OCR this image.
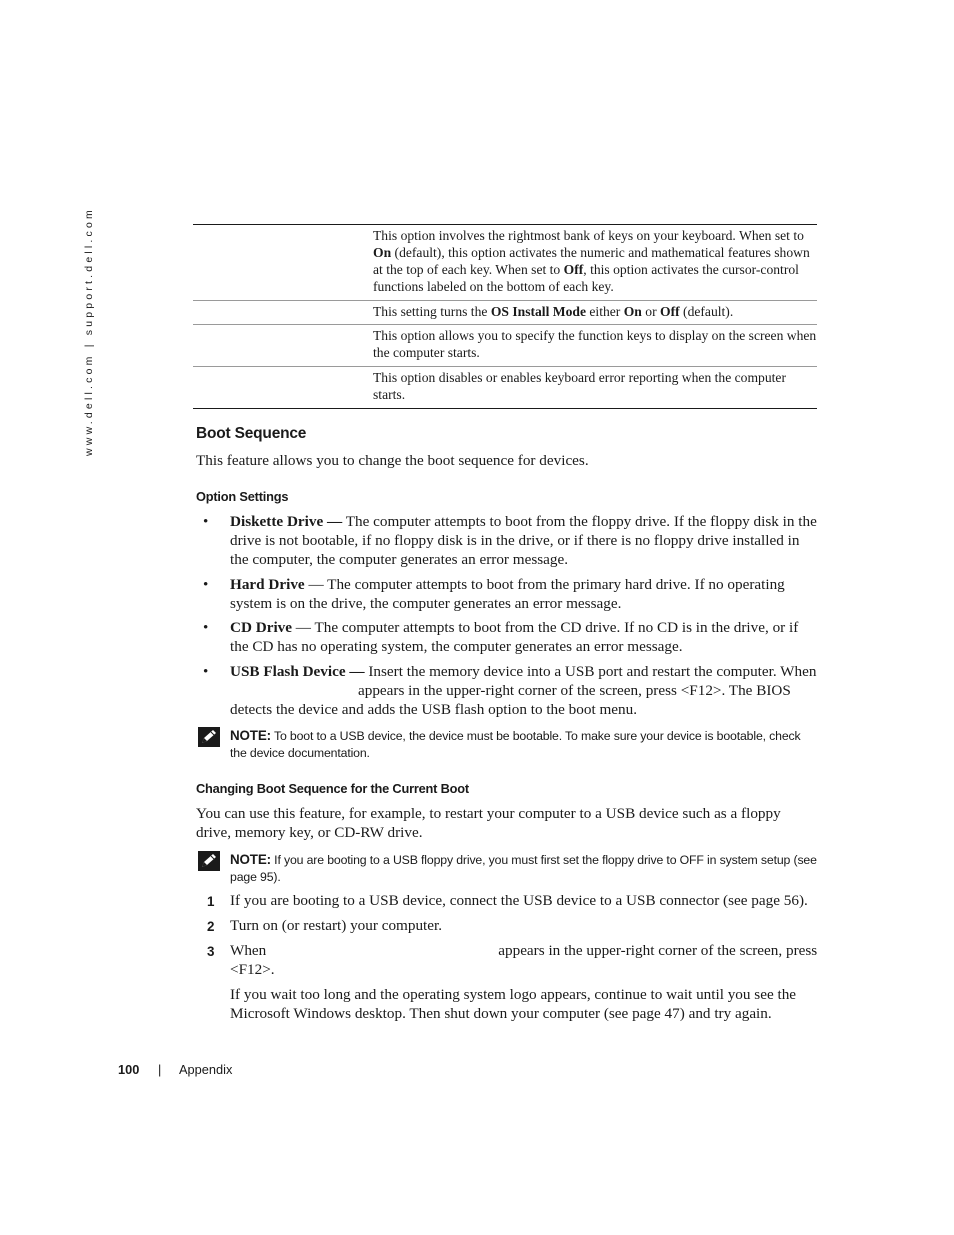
www.dell.com | support.dell.com
		This option involves the rightmost bank of keys on your keyboard. When set to On (default), this option activates the numeric and mathematical features shown at the top of each key. When set to Off, this option activates the cursor-control functions labeled on the bottom of each key.
	This setting turns the OS Install Mode either On or Off (default).
	This option allows you to specify the function keys to display on the screen when the computer starts.
	This option disables or enables keyboard error reporting when the computer starts.
Boot Sequence

This feature allows you to change the boot sequence for devices.

Option Settings
• Diskette Drive — The computer attempts to boot from the floppy drive. If the floppy disk in the drive is not bootable, if no floppy disk is in the drive, or if there is no floppy drive installed in the computer, the computer generates an error message.
• Hard Drive — The computer attempts to boot from the primary hard drive. If no operating system is on the drive, the computer generates an error message.
• CD Drive — The computer attempts to boot from the CD drive. If no CD is in the drive, or if the CD has no operating system, the computer generates an error message.
• USB Flash Device — Insert the memory device into a USB port and restart the computer. Whenappears in the upper-right corner of the screen, press <F12>. The BIOS detects the device and adds the USB flash option to the boot menu.
NOTE: To boot to a USB device, the device must be bootable. To make sure your device is bootable, check the device documentation.
Changing Boot Sequence for the Current Boot

You can use this feature, for example, to restart your computer to a USB device such as a floppy drive, memory key, or CD-RW drive.

NOTE: If you are booting to a USB floppy drive, you must first set the floppy drive to OFF in system setup (see page 95).
1 If you are booting to a USB device, connect the USB device to a USB connector (see page 56).
2 Turn on (or restart) your computer.
3 When	appears in the upper-right corner of the screen, press <F12>.

If you wait too long and the operating system logo appears, continue to wait until you see the Microsoft Windows desktop. Then shut down your computer (see page 47) and try again.

100 | Appendix
